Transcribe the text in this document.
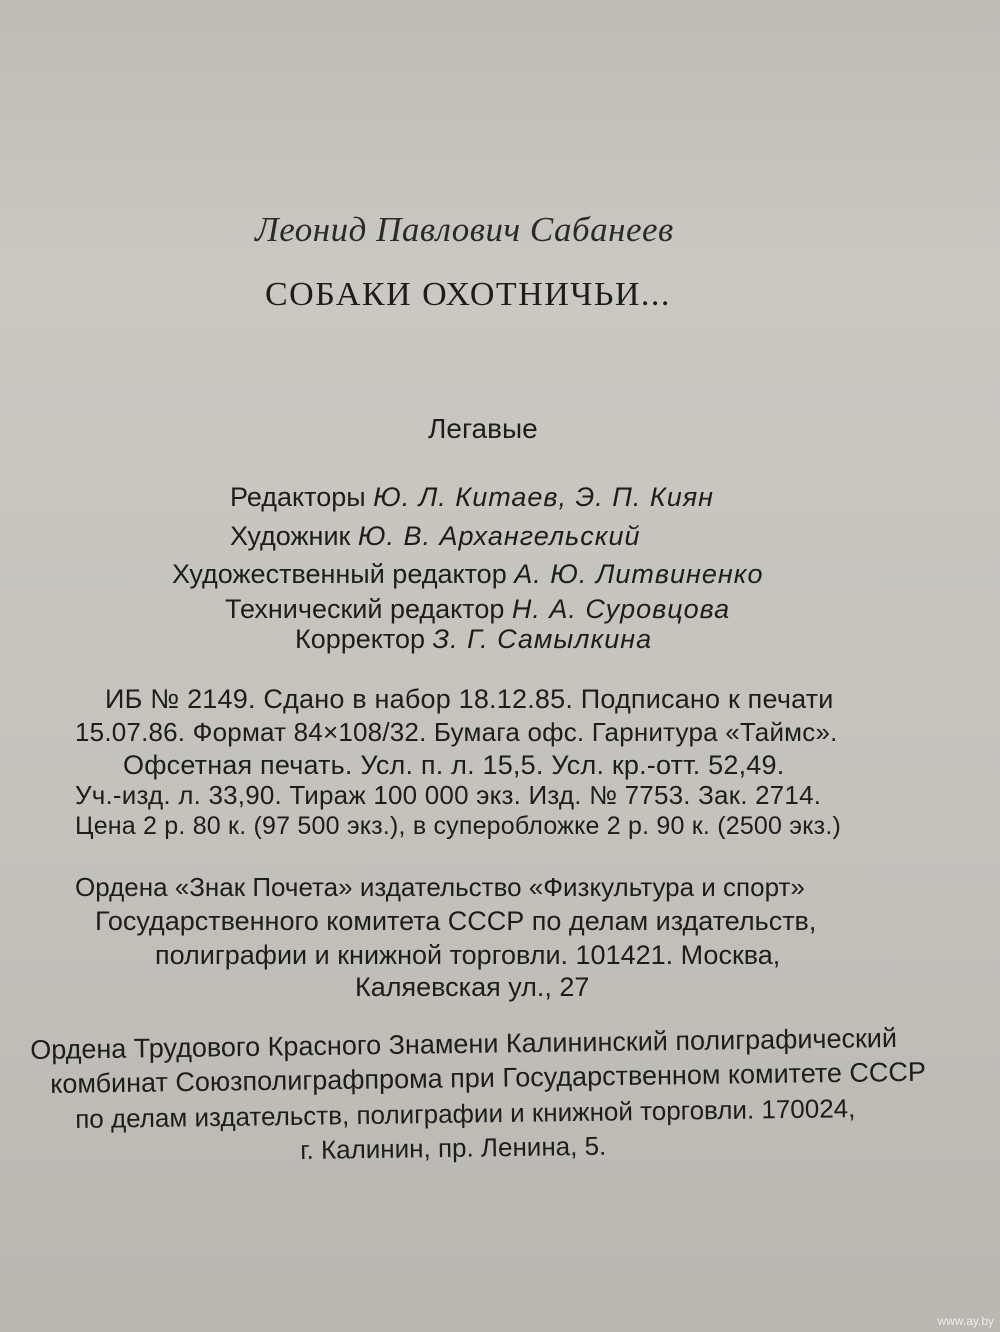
Леонид Павлович Сабанеев
СОБАКИ ОХОТНИЧЬИ...
Легавые
Редакторы Ю. Л. Китаев, Э. П. Киян
Художник Ю. В. Архангельский
Художественный редактор А. Ю. Литвиненко
Технический редактор Н. А. Суровцова
Корректор З. Г. Самылкина
ИБ № 2149. Сдано в набор 18.12.85. Подписано к печати
15.07.86. Формат 84×108/32. Бумага офс. Гарнитура «Таймс».
Офсетная печать. Усл. п. л. 15,5. Усл. кр.-отт. 52,49.
Уч.-изд. л. 33,90. Тираж 100 000 экз. Изд. № 7753. Зак. 2714.
Цена 2 р. 80 к. (97 500 экз.), в суперобложке 2 р. 90 к. (2500 экз.)
Ордена «Знак Почета» издательство «Физкультура и спорт»
Государственного комитета СССР по делам издательств,
полиграфии и книжной торговли. 101421. Москва,
Каляевская ул., 27
Ордена Трудового Красного Знамени Калининский полиграфический
комбинат Союзполиграфпрома при Государственном комитете СССР
по делам издательств, полиграфии и книжной торговли. 170024,
г. Калинин, пр. Ленина, 5.
www.ay.by
